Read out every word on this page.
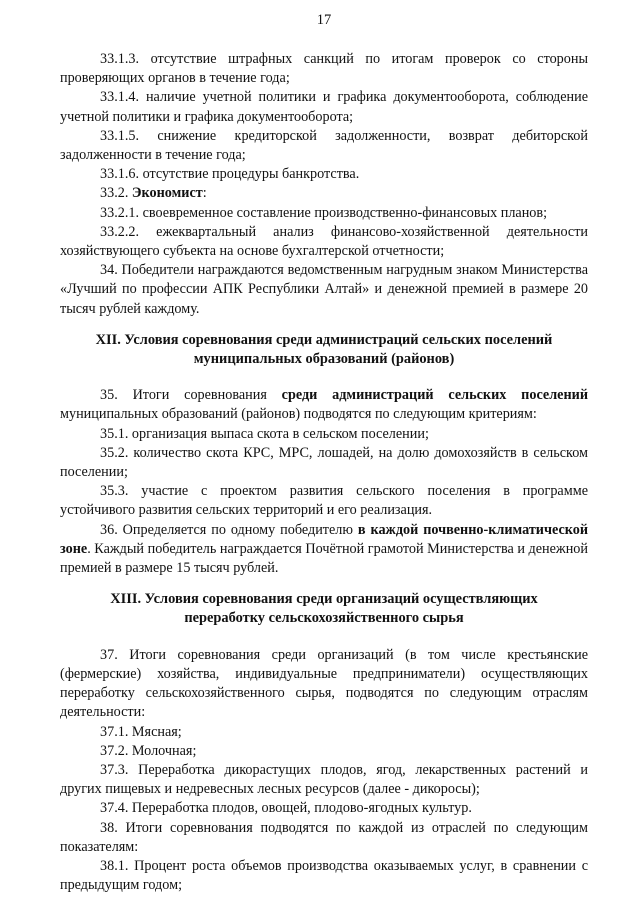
17

33.1.3. отсутствие штрафных санкций по итогам проверок со стороны проверяющих органов в течение года;

33.1.4. наличие учетной политики и графика документооборота, соблюдение учетной политики и графика документооборота;

33.1.5. снижение кредиторской задолженности, возврат дебиторской задолженности в течение года;

33.1.6. отсутствие процедуры банкротства.

33.2. Экономист:

33.2.1. своевременное составление производственно-финансовых планов;

33.2.2. ежеквартальный анализ финансово-хозяйственной деятельности хозяйствующего субъекта на основе бухгалтерской отчетности;

34. Победители награждаются ведомственным нагрудным знаком Министерства «Лучший по профессии АПК Республики Алтай» и денежной премией в размере 20 тысяч рублей каждому.

XII. Условия соревнования среди администраций сельских поселений

муниципальных образований (районов)

35. Итоги соревнования среди администраций сельских поселений муниципальных образований (районов) подводятся по следующим критериям:

35.1. организация выпаса скота в сельском поселении;

35.2. количество скота КРС, МРС, лошадей, на долю домохозяйств в сельском поселении;

35.3. участие с проектом развития сельского поселения в программе устойчивого развития сельских территорий и его реализация.

36. Определяется по одному победителю в каждой почвенно-климатической зоне. Каждый победитель награждается Почётной грамотой Министерства и денежной премией в размере 15 тысяч рублей.

XIII. Условия соревнования среди организаций осуществляющих

переработку сельскохозяйственного сырья

37. Итоги соревнования среди организаций (в том числе крестьянские (фермерские) хозяйства, индивидуальные предприниматели) осуществляющих переработку сельскохозяйственного сырья, подводятся по следующим отраслям деятельности:

37.1. Мясная;

37.2. Молочная;

37.3. Переработка дикорастущих плодов, ягод, лекарственных растений и других пищевых и недревесных лесных ресурсов (далее - дикоросы);

37.4. Переработка плодов, овощей, плодово-ягодных культур.

38. Итоги соревнования подводятся по каждой из отраслей по следующим показателям:

38.1. Процент роста объемов производства оказываемых услуг, в сравнении с предыдущим годом;
